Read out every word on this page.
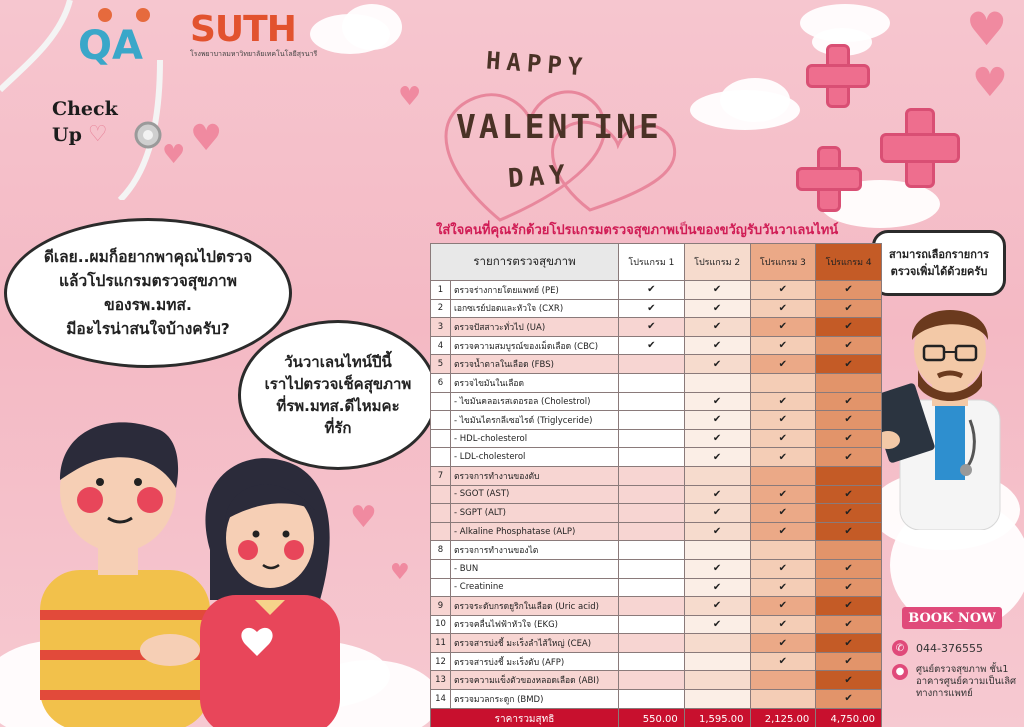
♥
♥
♥
♥
♥
♥
♥
QA SUTH
โรงพยาบาลมหาวิทยาลัยเทคโนโลยีสุรนารี
Check
Up ♡
HAPPY
VALENTINE
DAY
ใส่ใจคนที่คุณรักด้วยโปรแกรมตรวจสุขภาพเป็นของขวัญรับวันวาเลนไทน์
ดีเลย..ผมก็อยากพาคุณไปตรวจ
แล้วโปรแกรมตรวจสุขภาพ
ของรพ.มทส.
มีอะไรน่าสนใจบ้างครับ?
วันวาเลนไทน์ปีนี้
เราไปตรวจเช็คสุขภาพ
ที่รพ.มทส.ดีไหมคะ
ที่รัก
สามารถเลือกรายการ
ตรวจเพิ่มได้ด้วยครับ
รายการตรวจสุขภาพ		โปรแกรม 1	โปรแกรม 2	โปรแกรม 3	โปรแกรม 4
1	ตรวจร่างกายโดยแพทย์ (PE)	✔	✔	✔	✔
2	เอกซเรย์ปอดและหัวใจ (CXR)	✔	✔	✔	✔
3	ตรวจปัสสาวะทั่วไป (UA)	✔	✔	✔	✔
4	ตรวจความสมบูรณ์ของเม็ดเลือด (CBC)	✔	✔	✔	✔
5	ตรวจน้ำตาลในเลือด (FBS)		✔	✔	✔
6	ตรวจไขมันในเลือด				
	- ไขมันคลอเรสเตอรอล (Cholestrol)		✔	✔	✔
	- ไขมันไตรกลีเซอไรด์ (Triglyceride)		✔	✔	✔
	- HDL-cholesterol		✔	✔	✔
	- LDL-cholesterol		✔	✔	✔
7	ตรวจการทำงานของตับ				
	- SGOT (AST)		✔	✔	✔
	- SGPT (ALT)		✔	✔	✔
	- Alkaline Phosphatase (ALP)		✔	✔	✔
8	ตรวจการทำงานของไต				
	- BUN		✔	✔	✔
	- Creatinine		✔	✔	✔
9	ตรวจระดับกรดยูริกในเลือด (Uric acid)		✔	✔	✔
10	ตรวจคลื่นไฟฟ้าหัวใจ (EKG)		✔	✔	✔
11	ตรวจสารบ่งชี้ มะเร็งลำไส้ใหญ่ (CEA)			✔	✔
12	ตรวจสารบ่งชี้ มะเร็งตับ (AFP)			✔	✔
13	ตรวจความแข็งตัวของหลอดเลือด (ABI)				✔
14	ตรวจมวลกระดูก (BMD)				✔
ราคารวมสุทธิ		550.00	1,595.00	2,125.00	4,750.00
BOOK NOW
✆	044-376555
●	ศูนย์ตรวจสุขภาพ ชั้น1
อาคารศูนย์ความเป็นเลิศ
ทางการแพทย์
